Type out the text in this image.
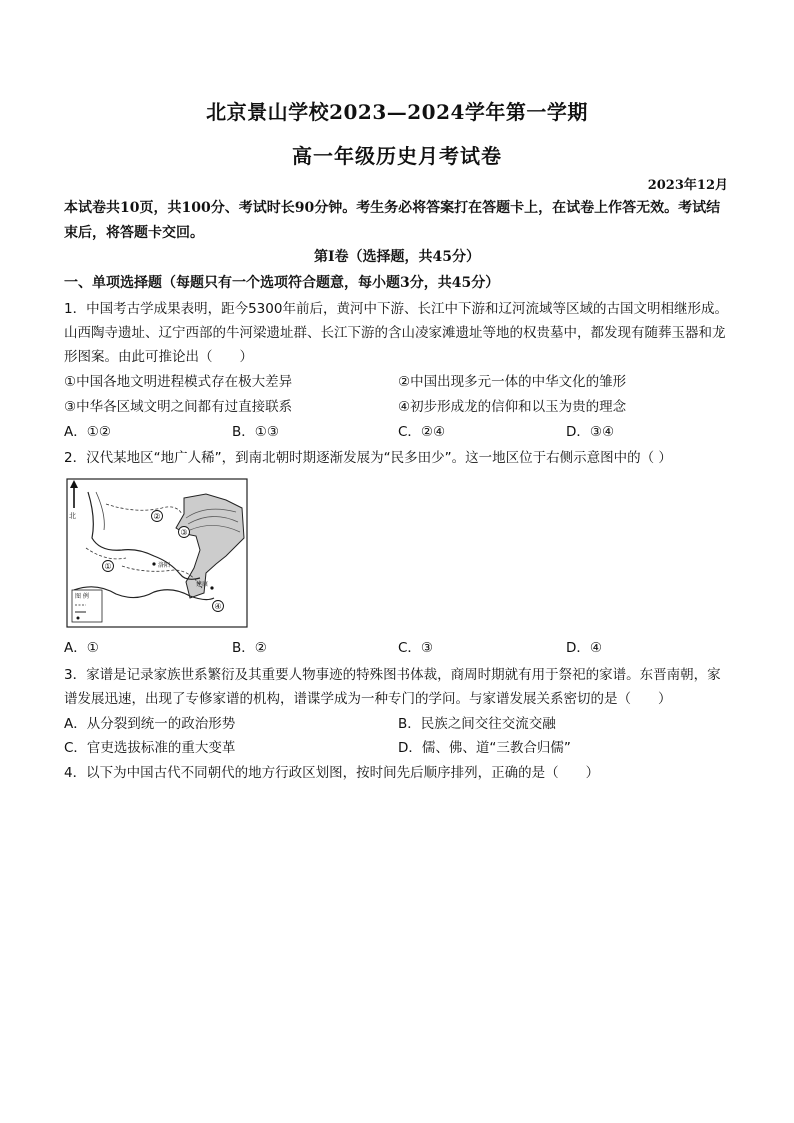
北京景山学校2023—2024学年第一学期
高一年级历史月考试卷
2023年12月
本试卷共10页，共100分、考试时长90分钟。考生务必将答案打在答题卡上，在试卷上作答无效。考试结束后，将答题卡交回。
第Ⅰ卷（选择题，共45分）
一、单项选择题（每题只有一个选项符合题意，每小题3分，共45分）
1．中国考古学成果表明，距今5300年前后，黄河中下游、长江中下游和辽河流域等区域的古国文明相继形成。山西陶寺遗址、辽宁西部的牛河梁遗址群、长江下游的含山凌家滩遗址等地的权贵墓中，都发现有随葬玉器和龙形图案。由此可推论出（　　）
①中国各地文明进程模式存在极大差异	②中国出现多元一体的中华文化的雏形
③中华各区域文明之间都有过直接联系	④初步形成龙的信仰和以玉为贵的理念
A．①②	B．①③	C．②④	D．③④
2．汉代某地区“地广人稀”，到南北朝时期逐渐发展为“民多田少”。这一地区位于右侧示意图中的（ ）
北	②
③
①
④
洛阳
建康
图 例
A．①	B．②	C．③	D．④
3．家谱是记录家族世系繁衍及其重要人物事迹的特殊图书体裁，商周时期就有用于祭祀的家谱。东晋南朝，家谱发展迅速，出现了专修家谱的机构，谱谍学成为一种专门的学问。与家谱发展关系密切的是（　　）
A．从分裂到统一的政治形势	B．民族之间交往交流交融
C．官吏选拔标准的重大变革	D．儒、佛、道“三教合归儒”
4．以下为中国古代不同朝代的地方行政区划图，按时间先后顺序排列，正确的是（　　）
